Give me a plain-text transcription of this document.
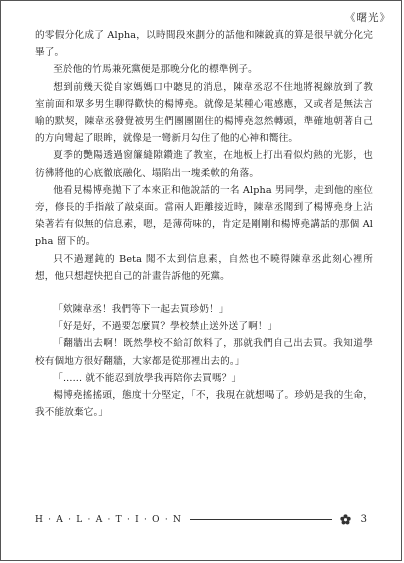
《曙光》

的零假分化成了 Alpha，以時間段來劃分的話他和陳銳真的算是很早就分化完畢了。

至於他的竹馬兼死黨便是那晚分化的標準例子。

想到前幾天從自家媽媽口中聽見的消息，陳韋丞忍不住地將視線放到了教室前面和眾多男生聊得歡快的楊博堯。就像是某種心電感應，又或者是無法言喻的默契，陳韋丞發覺被男生們團團圍住的楊博堯忽然轉頭，準確地朝著自己的方向彎起了眼眸，就像是一彎新月勾住了他的心神和嚮往。

夏季的艷陽透過窗簾縫隙鑽進了教室，在地板上打出看似灼熱的光影，也彷彿將他的心底徹底融化、塌陷出一塊柔軟的角落。

他看見楊博堯拋下了本來正和他說話的一名 Alpha 男同學，走到他的座位旁，修長的手指敲了敲桌面。當兩人距離接近時，陳韋丞聞到了楊博堯身上沾染著若有似無的信息素，嗯，是薄荷味的，肯定是剛剛和楊博堯講話的那個 Alpha 留下的。

只不過遲鈍的 Beta 聞不太到信息素，自然也不曉得陳韋丞此刻心裡所想，他只想趕快把自己的計畫告訴他的死黨。

「欸陳韋丞！我們等下一起去買珍奶！」

「好是好，不過要怎麼買？學校禁止送外送了啊！」

「翻牆出去啊！既然學校不給訂飲料了，那就我們自己出去買。我知道學校有個地方很好翻牆，大家都是從那裡出去的。」

「...... 就不能忍到放學我再陪你去買嗎？」

楊博堯搖搖頭，態度十分堅定，「不，我現在就想喝了。珍奶是我的生命，我不能放棄它。」

H·A·L·A·T·I·O·N	3
